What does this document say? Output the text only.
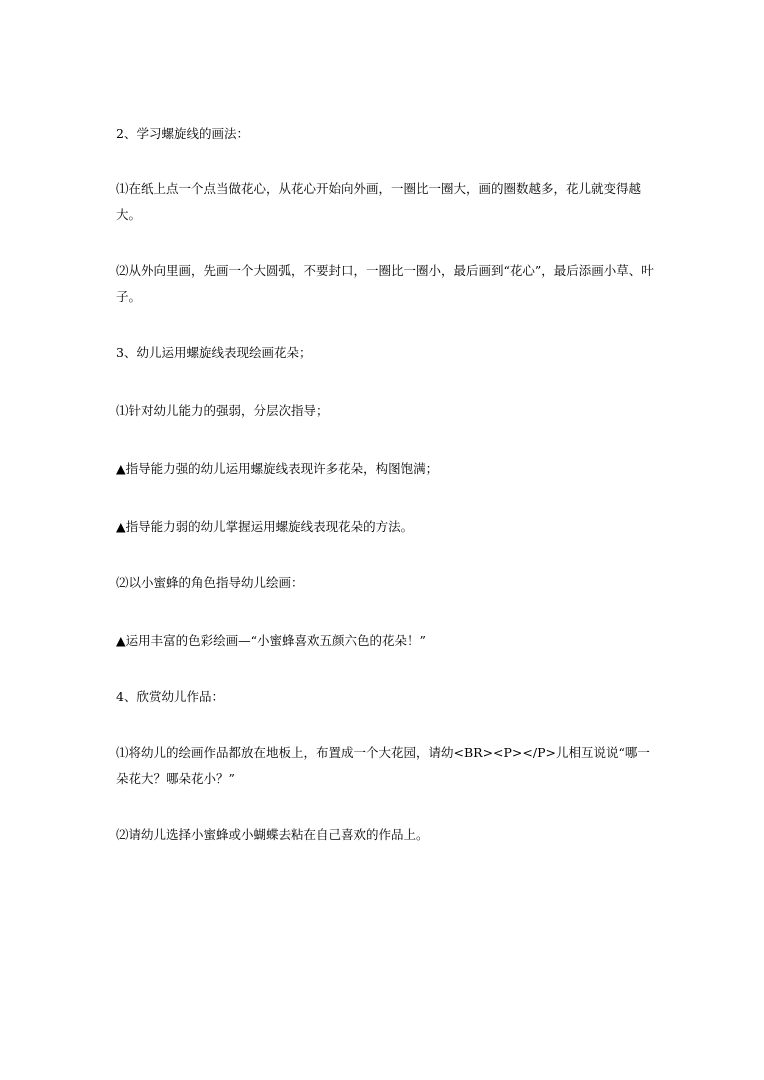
2、学习螺旋线的画法：

⑴在纸上点一个点当做花心，从花心开始向外画，一圈比一圈大，画的圈数越多，花儿就变得越大。

⑵从外向里画，先画一个大圆弧，不要封口，一圈比一圈小，最后画到“花心”，最后添画小草、叶子。

3、幼儿运用螺旋线表现绘画花朵；

⑴针对幼儿能力的强弱，分层次指导；

▲指导能力强的幼儿运用螺旋线表现许多花朵，构图饱满；

▲指导能力弱的幼儿掌握运用螺旋线表现花朵的方法。

⑵以小蜜蜂的角色指导幼儿绘画：

▲运用丰富的色彩绘画—“小蜜蜂喜欢五颜六色的花朵！”

4、欣赏幼儿作品：

⑴将幼儿的绘画作品都放在地板上，布置成一个大花园，请幼<BR><P></P>儿相互说说“哪一朵花大？哪朵花小？”

⑵请幼儿选择小蜜蜂或小蝴蝶去粘在自己喜欢的作品上。
